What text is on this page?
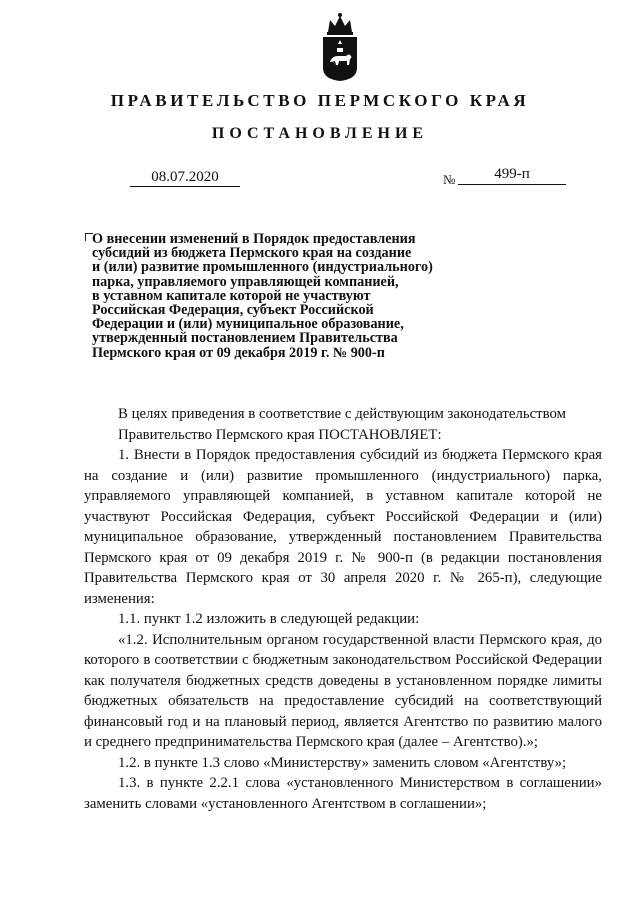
ПРАВИТЕЛЬСТВО ПЕРМСКОГО КРАЯ
ПОСТАНОВЛЕНИЕ
08.07.2020	№	499-п
О внесении изменений в Порядок предоставления
субсидий из бюджета Пермского края на создание
и (или) развитие промышленного (индустриального)
парка, управляемого управляющей компанией,
в уставном капитале которой не участвуют
Российская Федерация, субъект Российской
Федерации и (или) муниципальное образование,
утвержденный постановлением Правительства
Пермского края от 09 декабря 2019 г. № 900-п
В целях приведения в соответствие с действующим законодательством
Правительство Пермского края ПОСТАНОВЛЯЕТ:
1. Внести в Порядок предоставления субсидий из бюджета Пермского края на создание и (или) развитие промышленного (индустриального) парка, управляемого управляющей компанией, в уставном капитале которой не участвуют Российская Федерация, субъект Российской Федерации и (или) муниципальное образование, утвержденный постановлением Правительства Пермского края от 09 декабря 2019 г. № 900-п (в редакции постановления Правительства Пермского края от 30 апреля 2020 г. № 265-п), следующие изменения:
1.1. пункт 1.2 изложить в следующей редакции:
«1.2. Исполнительным органом государственной власти Пермского края, до которого в соответствии с бюджетным законодательством Российской Федерации как получателя бюджетных средств доведены в установленном порядке лимиты бюджетных обязательств на предоставление субсидий на соответствующий финансовый год и на плановый период, является Агентство по развитию малого и среднего предпринимательства Пермского края (далее – Агентство).»;
1.2. в пункте 1.3 слово «Министерству» заменить словом «Агентству»;
1.3. в пункте 2.2.1 слова «установленного Министерством в соглашении» заменить словами «установленного Агентством в соглашении»;
